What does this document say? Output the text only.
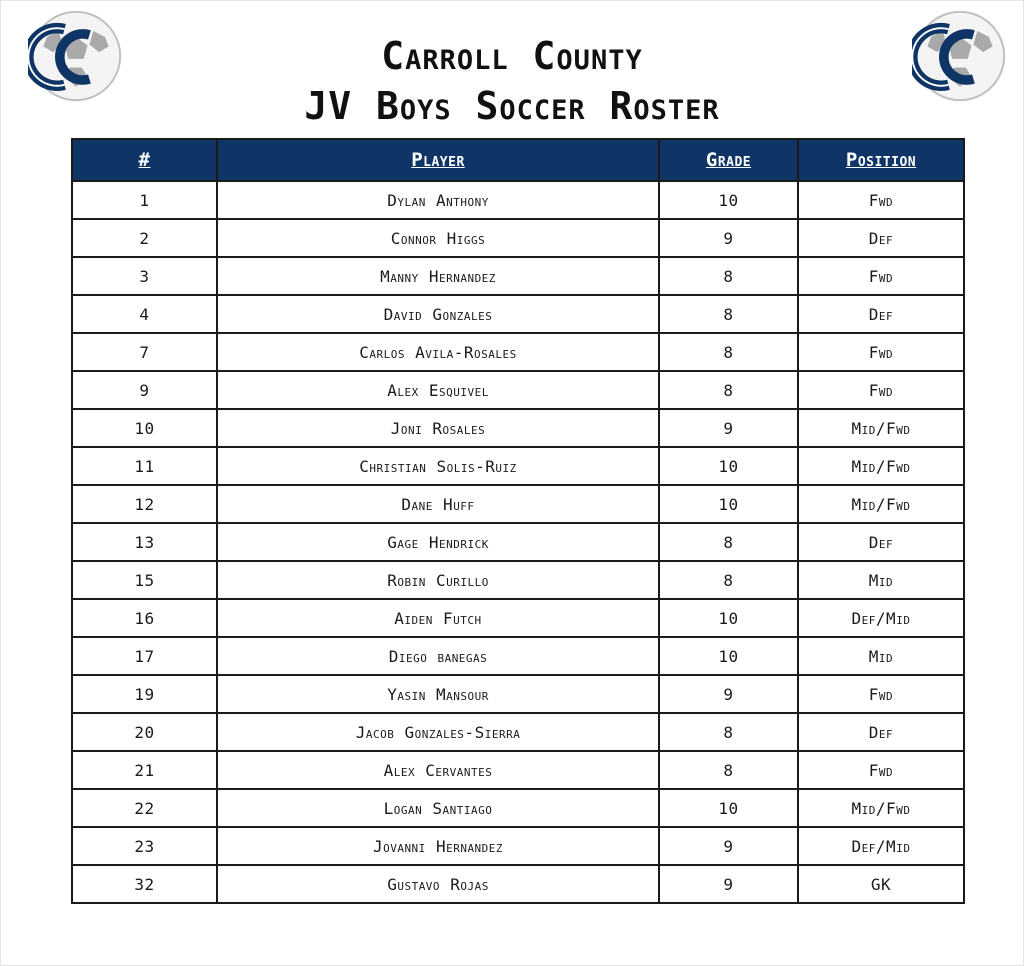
Carroll County
JV Boys Soccer Roster
#	Player	Grade	Position
1	Dylan Anthony	10	Fwd
2	Connor Higgs	9	Def
3	Manny Hernandez	8	Fwd
4	David Gonzales	8	Def
7	Carlos Avila-Rosales	8	Fwd
9	Alex Esquivel	8	Fwd
10	Joni Rosales	9	Mid/Fwd
11	Christian Solis-Ruiz	10	Mid/Fwd
12	Dane Huff	10	Mid/Fwd
13	Gage Hendrick	8	Def
15	Robin Curillo	8	Mid
16	Aiden Futch	10	Def/Mid
17	Diego banegas	10	Mid
19	Yasin Mansour	9	Fwd
20	Jacob Gonzales-Sierra	8	Def
21	Alex Cervantes	8	Fwd
22	Logan Santiago	10	Mid/Fwd
23	Jovanni Hernandez	9	Def/Mid
32	Gustavo Rojas	9	GK
